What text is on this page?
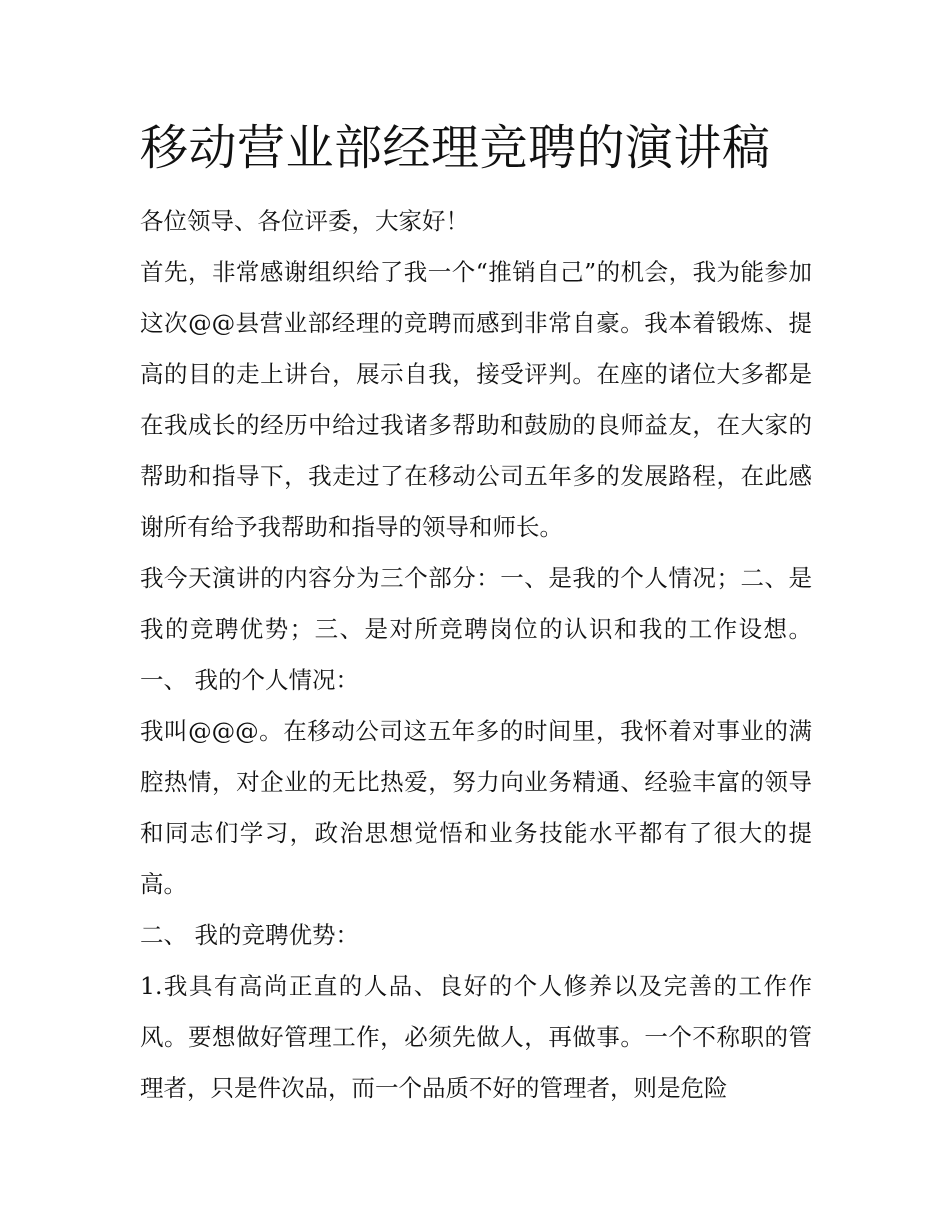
移动营业部经理竞聘的演讲稿

各位领导、各位评委，大家好！

首先，非常感谢组织给了我一个“推销自己”的机会，我为能参加这次@@县营业部经理的竞聘而感到非常自豪。我本着锻炼、提高的目的走上讲台，展示自我，接受评判。在座的诸位大多都是在我成长的经历中给过我诸多帮助和鼓励的良师益友，在大家的帮助和指导下，我走过了在移动公司五年多的发展路程，在此感谢所有给予我帮助和指导的领导和师长。

我今天演讲的内容分为三个部分：一、是我的个人情况；二、是我的竞聘优势；三、是对所竞聘岗位的认识和我的工作设想。 一、 我的个人情况：

我叫@@@。在移动公司这五年多的时间里，我怀着对事业的满腔热情，对企业的无比热爱，努力向业务精通、经验丰富的领导和同志们学习，政治思想觉悟和业务技能水平都有了很大的提高。

二、 我的竞聘优势：

1.我具有高尚正直的人品、良好的个人修养以及完善的工作作风。要想做好管理工作，必须先做人，再做事。一个不称职的管理者，只是件次品，而一个品质不好的管理者，则是危险
